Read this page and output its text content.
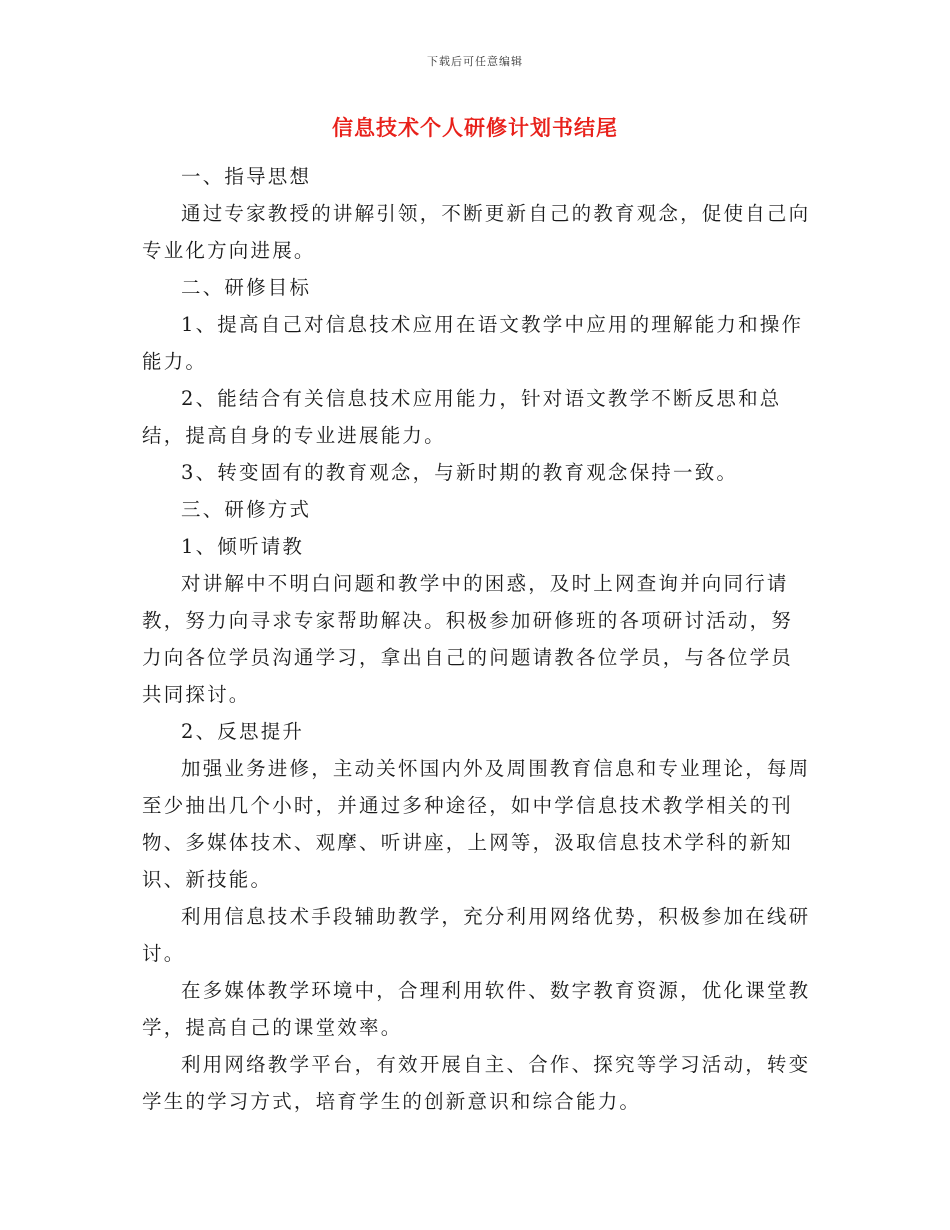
下载后可任意编辑
信息技术个人研修计划书结尾

一、指导思想

通过专家教授的讲解引领，不断更新自己的教育观念，促使自己向专业化方向进展。

二、研修目标

1、提高自己对信息技术应用在语文教学中应用的理解能力和操作能力。

2、能结合有关信息技术应用能力，针对语文教学不断反思和总结，提高自身的专业进展能力。

3、转变固有的教育观念，与新时期的教育观念保持一致。

三、研修方式

1、倾听请教

对讲解中不明白问题和教学中的困惑，及时上网查询并向同行请教，努力向寻求专家帮助解决。积极参加研修班的各项研讨活动，努力向各位学员沟通学习，拿出自己的问题请教各位学员，与各位学员共同探讨。

2、反思提升

加强业务进修，主动关怀国内外及周围教育信息和专业理论，每周至少抽出几个小时，并通过多种途径，如中学信息技术教学相关的刊物、多媒体技术、观摩、听讲座，上网等，汲取信息技术学科的新知识、新技能。

利用信息技术手段辅助教学，充分利用网络优势，积极参加在线研讨。

在多媒体教学环境中，合理利用软件、数字教育资源，优化课堂教学，提高自己的课堂效率。

利用网络教学平台，有效开展自主、合作、探究等学习活动，转变学生的学习方式，培育学生的创新意识和综合能力。
